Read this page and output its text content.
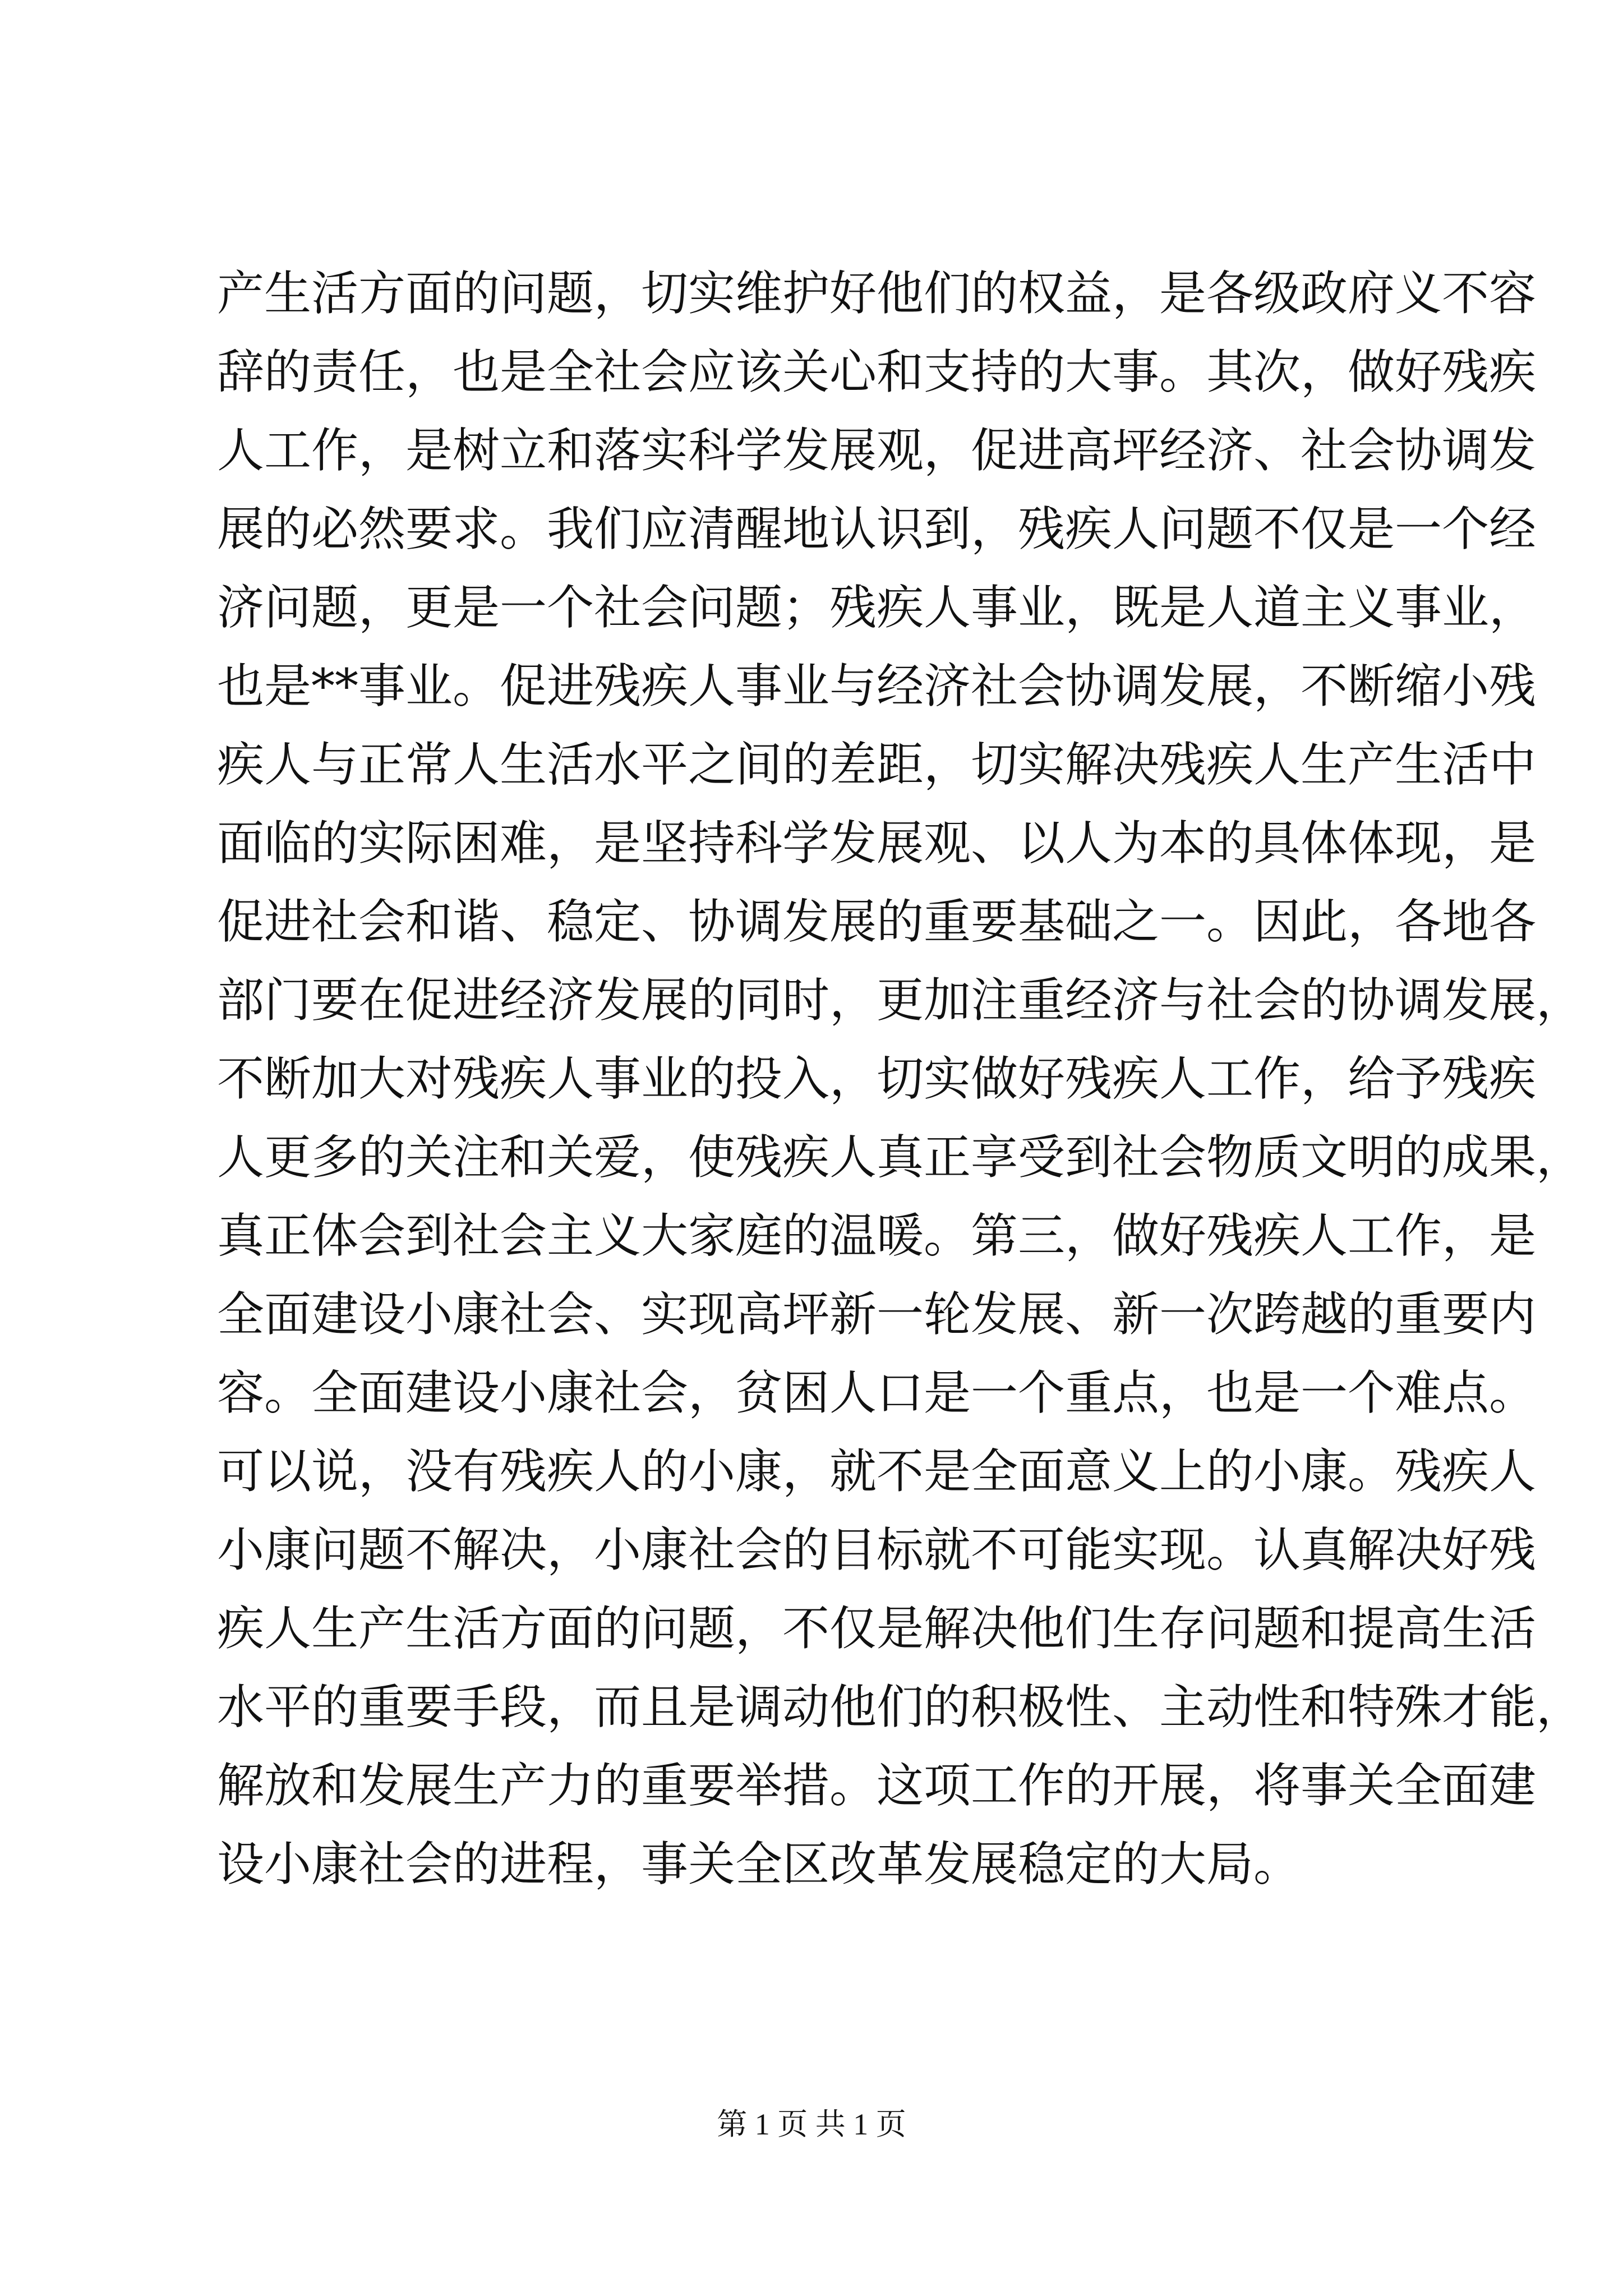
产生活方面的问题，切实维护好他们的权益，是各级政府义不容
辞的责任，也是全社会应该关心和支持的大事。其次，做好残疾
人工作，是树立和落实科学发展观，促进高坪经济、社会协调发
展的必然要求。我们应清醒地认识到，残疾人问题不仅是一个经
济问题，更是一个社会问题；残疾人事业，既是人道主义事业，
也是**事业。促进残疾人事业与经济社会协调发展，不断缩小残
疾人与正常人生活水平之间的差距，切实解决残疾人生产生活中
面临的实际困难，是坚持科学发展观、以人为本的具体体现，是
促进社会和谐、稳定、协调发展的重要基础之一。因此，各地各
部门要在促进经济发展的同时，更加注重经济与社会的协调发展，
不断加大对残疾人事业的投入，切实做好残疾人工作，给予残疾
人更多的关注和关爱，使残疾人真正享受到社会物质文明的成果，
真正体会到社会主义大家庭的温暖。第三，做好残疾人工作，是
全面建设小康社会、实现高坪新一轮发展、新一次跨越的重要内
容。全面建设小康社会，贫困人口是一个重点，也是一个难点。
可以说，没有残疾人的小康，就不是全面意义上的小康。残疾人
小康问题不解决，小康社会的目标就不可能实现。认真解决好残
疾人生产生活方面的问题，不仅是解决他们生存问题和提高生活
水平的重要手段，而且是调动他们的积极性、主动性和特殊才能，
解放和发展生产力的重要举措。这项工作的开展，将事关全面建
设小康社会的进程，事关全区改革发展稳定的大局。
第 1 页 共 1 页
